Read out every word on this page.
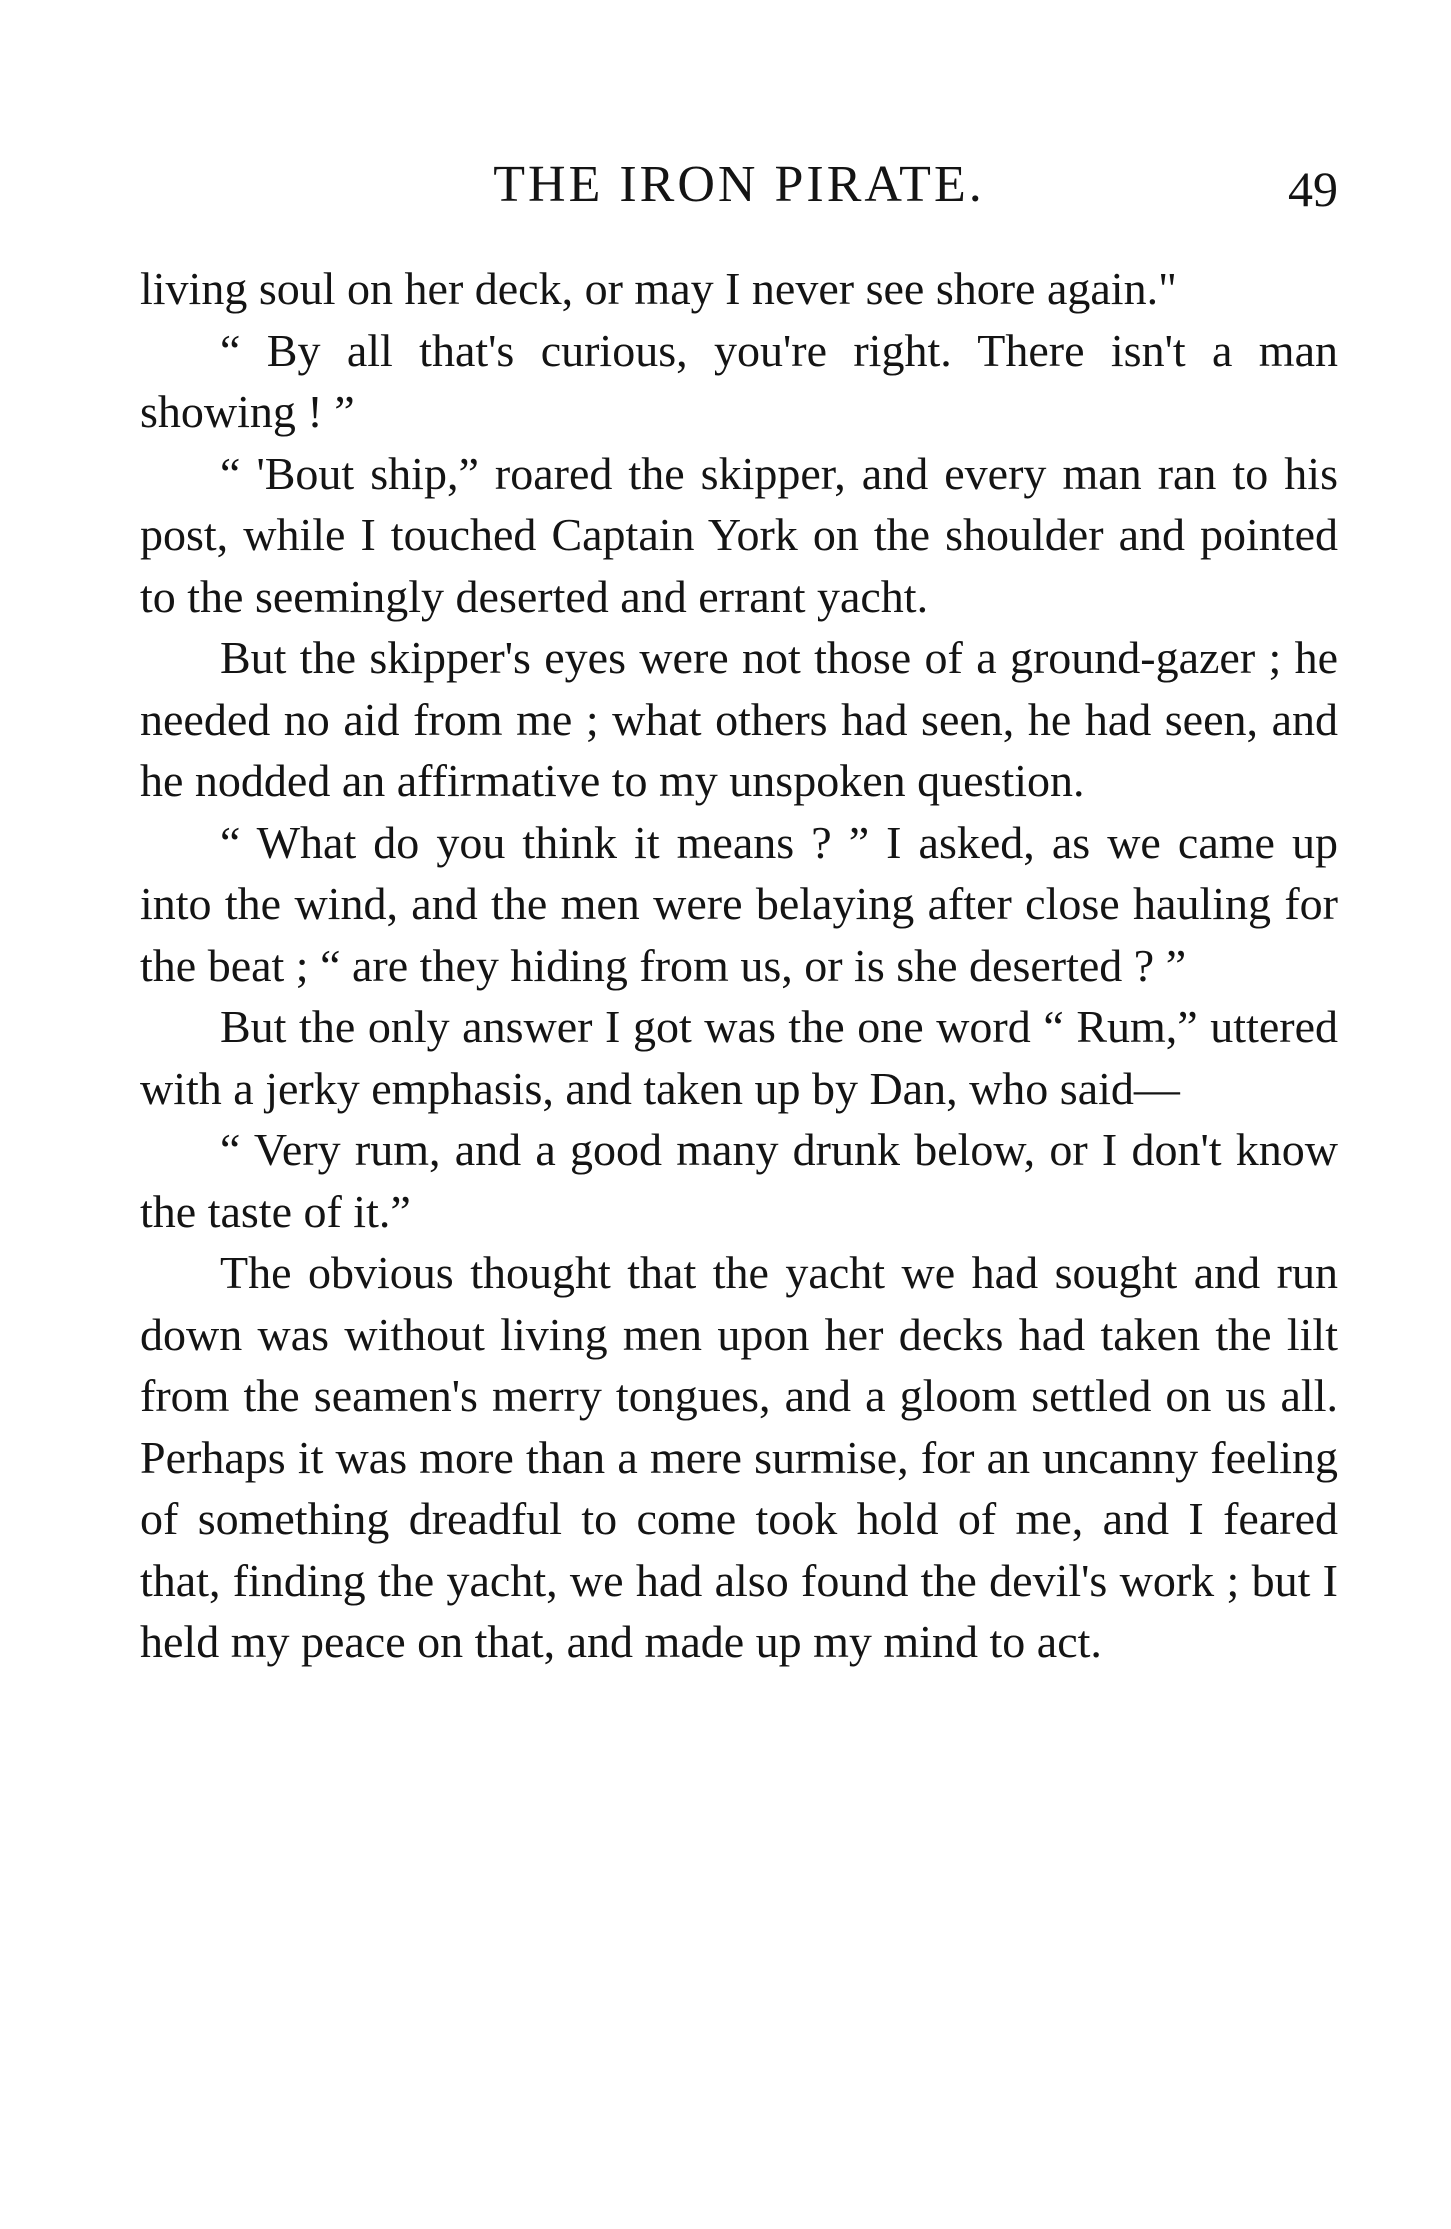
THE IRON PIRATE.	49

living soul on her deck, or may I never see shore again."

“ By all that's curious, you're right. There isn't a man showing ! ”

“ 'Bout ship,” roared the skipper, and every man ran to his post, while I touched Captain York on the shoulder and pointed to the seemingly deserted and errant yacht.

But the skipper's eyes were not those of a ground-gazer ; he needed no aid from me ; what others had seen, he had seen, and he nodded an affirmative to my unspoken question.

“ What do you think it means ? ” I asked, as we came up into the wind, and the men were belaying after close hauling for the beat ; “ are they hiding from us, or is she deserted ? ”

But the only answer I got was the one word “ Rum,” uttered with a jerky emphasis, and taken up by Dan, who said—

“ Very rum, and a good many drunk below, or I don't know the taste of it.”

The obvious thought that the yacht we had sought and run down was without living men upon her decks had taken the lilt from the seamen's merry tongues, and a gloom settled on us all. Perhaps it was more than a mere surmise, for an uncanny feeling of something dreadful to come took hold of me, and I feared that, finding the yacht, we had also found the devil's work ; but I held my peace on that, and made up my mind to act.
